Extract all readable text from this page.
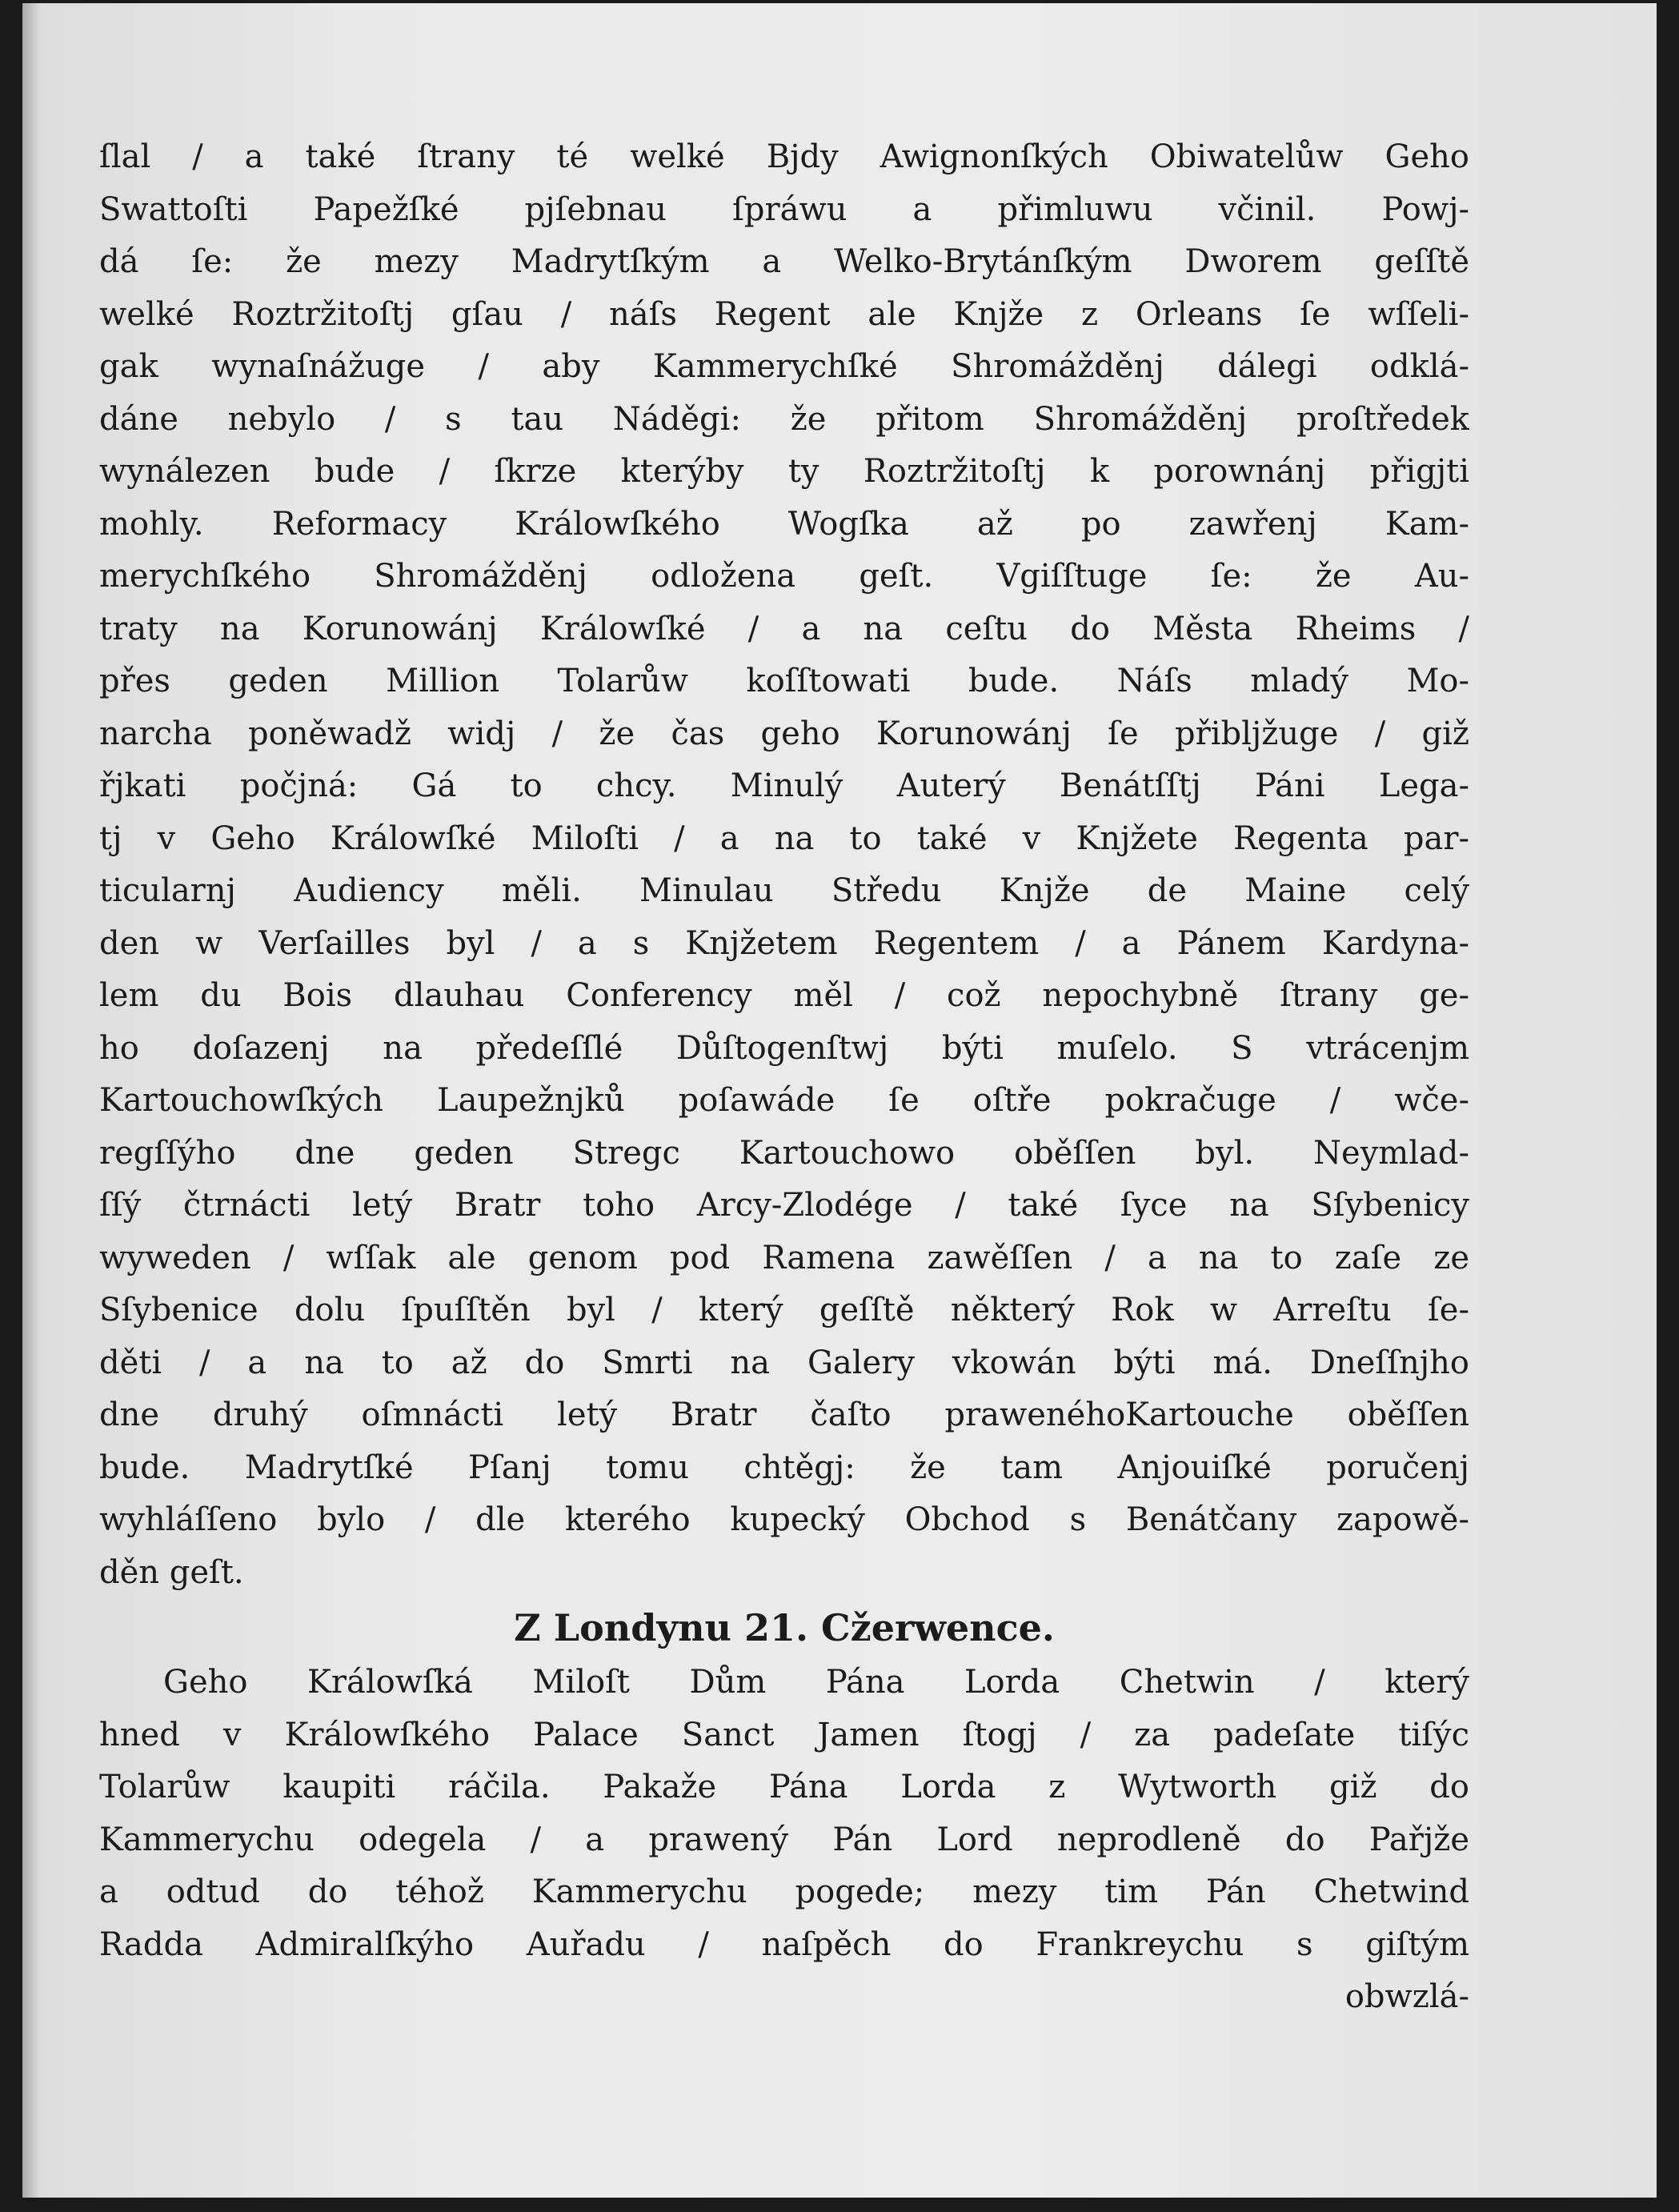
ſlal / a také ſtrany té welké Bjdy Awignonſkých Obiwatelůw Geho
Swattoſti Papežſké pjſebnau ſpráwu a přimluwu včinil. Powj-
dá ſe: že mezy Madrytſkým a Welko-Brytánſkým Dworem geſſtě
welké Roztržitoſtj gſau / náſs Regent ale Knjže z Orleans ſe wſſeli-
gak wynaſnážuge / aby Kammerychſké Shromážděnj dálegi odklá-
dáne nebylo / s tau Náděgi: že přitom Shromážděnj proſtředek
wynálezen bude / ſkrze kterýby ty Roztržitoſtj k porownánj přigjti
mohly. Reformacy Králowſkého Wogſka až po zawřenj Kam-
merychſkého Shromážděnj odložena geſt. Vgiſſtuge ſe: že Au-
traty na Korunowánj Králowſké / a na ceſtu do Města Rheims /
přes geden Million Tolarůw koſſtowati bude. Náſs mladý Mo-
narcha poněwadž widj / že čas geho Korunowánj ſe přibljžuge / giž
řjkati počjná: Gá to chcy. Minulý Auterý Benátſſtj Páni Lega-
tj v Geho Králowſké Miloſti / a na to také v Knjžete Regenta par-
ticularnj Audiency měli. Minulau Středu Knjže de Maine celý
den w Verſailles byl / a s Knjžetem Regentem / a Pánem Kardyna-
lem du Bois dlauhau Conferency měl / což nepochybně ſtrany ge-
ho doſazenj na předeſſlé Důſtogenſtwj býti muſelo. S vtrácenjm
Kartouchowſkých Laupežnjků poſawáde ſe oſtře pokračuge / wče-
regſſýho dne geden Stregc Kartouchowo oběſſen byl. Neymlad-
ſſý čtrnácti letý Bratr toho Arcy-Zlodége / také ſyce na Sſybenicy
wyweden / wſſak ale genom pod Ramena zawěſſen / a na to zaſe ze
Sſybenice dolu ſpuſſtěn byl / který geſſtě některý Rok w Arreſtu ſe-
děti / a na to až do Smrti na Galery vkowán býti má. Dneſſnjho
dne druhý oſmnácti letý Bratr čaſto prawenéhoKartouche oběſſen
bude. Madrytſké Pſanj tomu chtěgj: že tam Anjouiſké poručenj
wyhláſſeno bylo / dle kterého kupecký Obchod s Benátčany zapowě-
děn geſt.
Z Londynu 21. Cžerwence.
Geho Králowſká Miloſt Dům Pána Lorda Chetwin / který
hned v Králowſkého Palace Sanct Jamen ſtogj / za padeſate tiſýc
Tolarůw kaupiti ráčila. Pakaže Pána Lorda z Wytworth giž do
Kammerychu odegela / a prawený Pán Lord neprodleně do Pařjže
a odtud do téhož Kammerychu pogede; mezy tim Pán Chetwind
Radda Admiralſkýho Auřadu / naſpěch do Frankreychu s giſtým
obwzlá-
